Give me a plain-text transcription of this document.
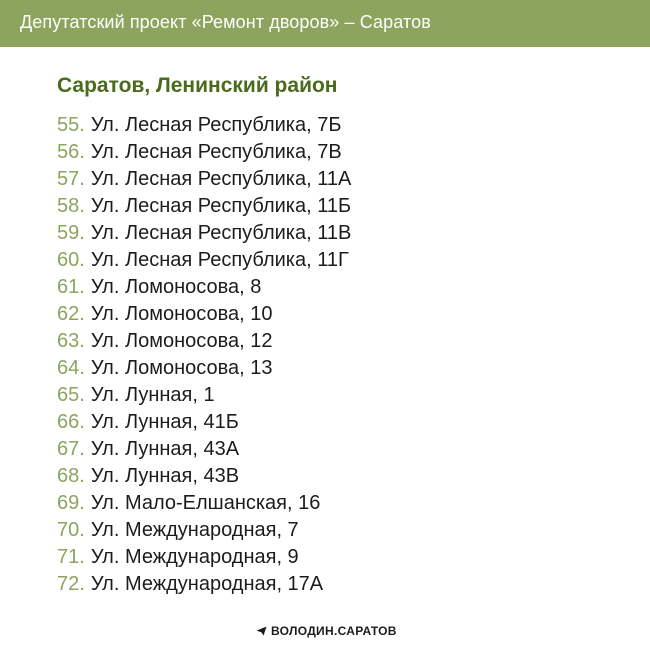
Депутатский проект «Ремонт дворов» – Саратов
Саратов, Ленинский район
55. Ул. Лесная Республика, 7Б
56. Ул. Лесная Республика, 7В
57. Ул. Лесная Республика, 11А
58. Ул. Лесная Республика, 11Б
59. Ул. Лесная Республика, 11В
60. Ул. Лесная Республика, 11Г
61. Ул. Ломоносова, 8
62. Ул. Ломоносова, 10
63. Ул. Ломоносова, 12
64. Ул. Ломоносова, 13
65. Ул. Лунная, 1
66. Ул. Лунная, 41Б
67. Ул. Лунная, 43А
68. Ул. Лунная, 43В
69. Ул. Мало-Елшанская, 16
70. Ул. Международная, 7
71. Ул. Международная, 9
72. Ул. Международная, 17А
ВОЛОДИН.САРАТОВ
